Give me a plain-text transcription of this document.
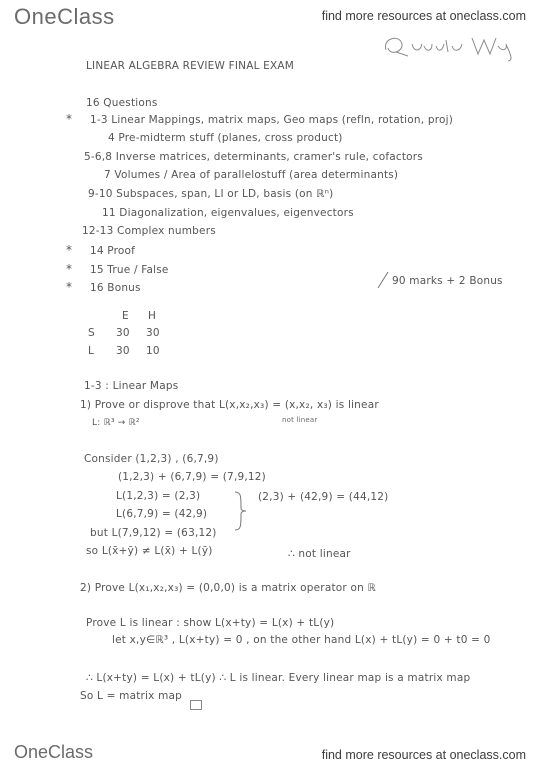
OneClass	find more resources at oneclass.com
LINEAR ALGEBRA REVIEW FINAL EXAM
16 Questions
* 1-3 Linear Mappings, matrix maps, Geo maps (refln, rotation, proj)
4 Pre-midterm stuff (planes, cross product)
5-6,8 Inverse matrices, determinants, cramer's rule, cofactors
7 Volumes / Area of parallelostuff (area determinants)
9-10 Subspaces, span, LI or LD, basis (on ℝⁿ)
11 Diagonalization, eigenvalues, eigenvectors
12-13 Complex numbers
* 14 Proof
* 15 True / False
* 16 Bonus
90 marks + 2 Bonus
E H
S 30 30
L 30 10
1-3 : Linear Maps
1) Prove or disprove that L(x,x₂,x₃) = (x,x₂, x₃) is linear
not linear
L: ℝ³ → ℝ²
Consider (1,2,3) , (6,7,9)
(1,2,3) + (6,7,9) = (7,9,12)
L(1,2,3) = (2,3)
L(6,7,9) = (42,9)
(2,3) + (42,9) = (44,12)
but L(7,9,12) = (63,12)
so L(x̄+ȳ) ≠ L(x̄) + L(ȳ)	∴ not linear
2) Prove L(x₁,x₂,x₃) = (0,0,0) is a matrix operator on ℝ
Prove L is linear : show L(x+ty) = L(x) + tL(y)
let x,y∈ℝ³ , L(x+ty) = 0 , on the other hand L(x) + tL(y) = 0 + t0 = 0
∴ L(x+ty) = L(x) + tL(y) ∴ L is linear. Every linear map is a matrix map
So L = matrix map
OneClass	find more resources at oneclass.com
